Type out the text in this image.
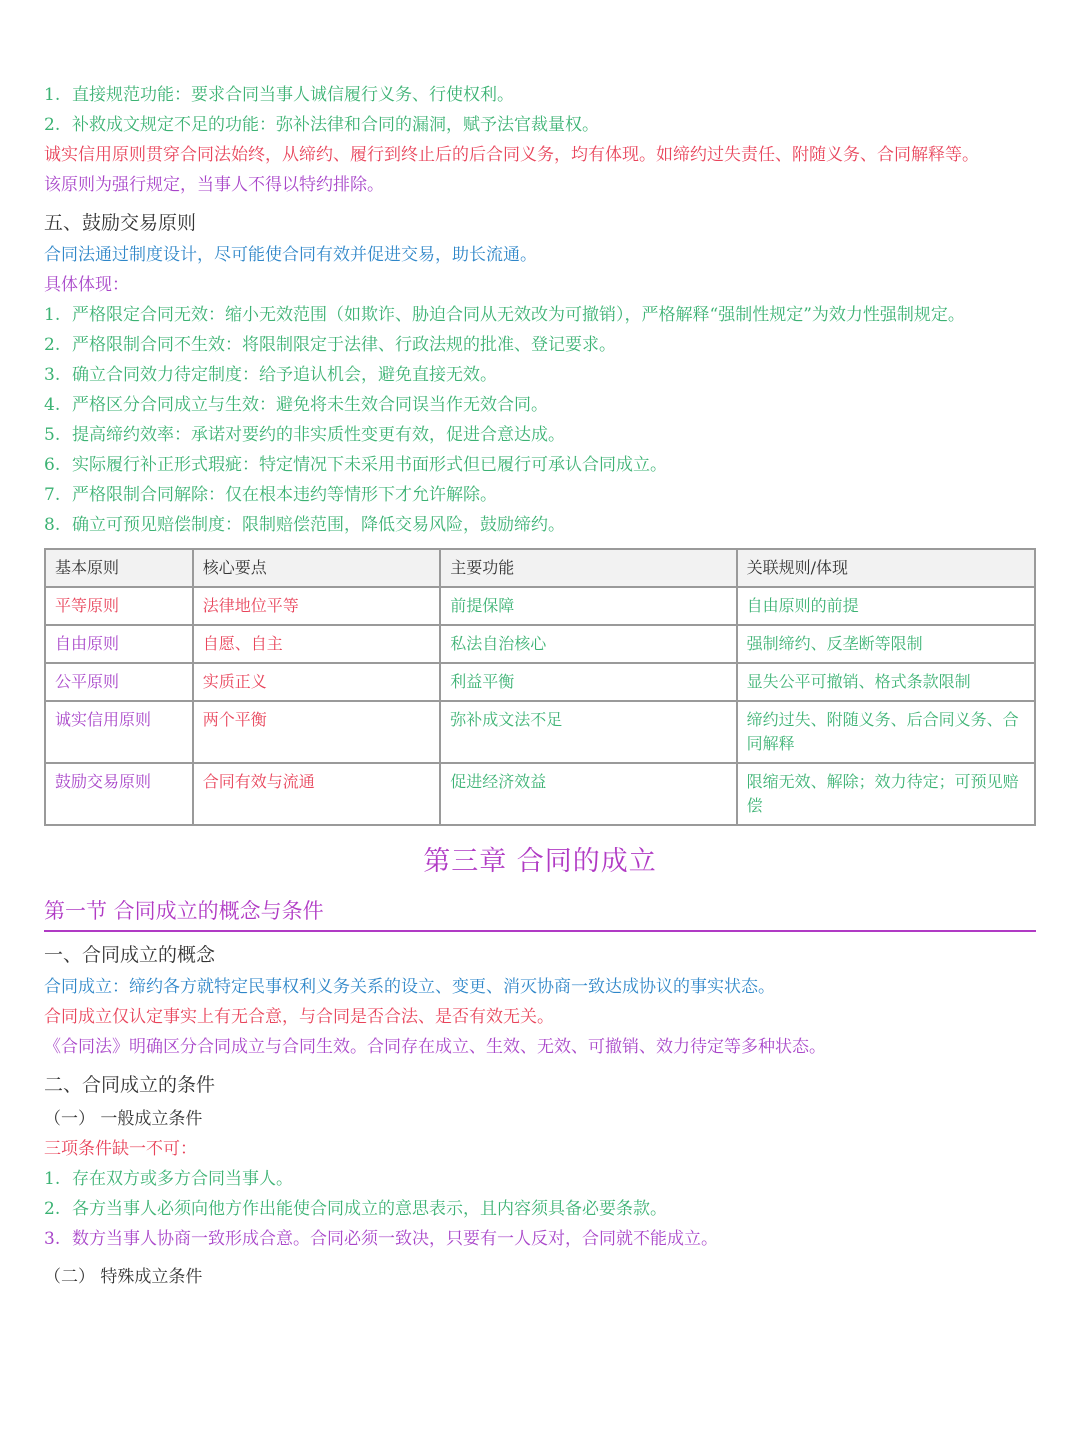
1. 直接规范功能：要求合同当事人诚信履行义务、行使权利。
2. 补救成文规定不足的功能：弥补法律和合同的漏洞，赋予法官裁量权。
诚实信用原则贯穿合同法始终，从缔约、履行到终止后的后合同义务，均有体现。如缔约过失责任、附随义务、合同解释等。
该原则为强行规定，当事人不得以特约排除。
五、鼓励交易原则
合同法通过制度设计，尽可能使合同有效并促进交易，助长流通。
具体体现：
1. 严格限定合同无效：缩小无效范围（如欺诈、胁迫合同从无效改为可撤销），严格解释“强制性规定”为效力性强制规定。
2. 严格限制合同不生效：将限制限定于法律、行政法规的批准、登记要求。
3. 确立合同效力待定制度：给予追认机会，避免直接无效。
4. 严格区分合同成立与生效：避免将未生效合同误当作无效合同。
5. 提高缔约效率：承诺对要约的非实质性变更有效，促进合意达成。
6. 实际履行补正形式瑕疵：特定情况下未采用书面形式但已履行可承认合同成立。
7. 严格限制合同解除：仅在根本违约等情形下才允许解除。
8. 确立可预见赔偿制度：限制赔偿范围，降低交易风险，鼓励缔约。
基本原则	核心要点	主要功能	关联规则/体现
平等原则	法律地位平等	前提保障	自由原则的前提
自由原则	自愿、自主	私法自治核心	强制缔约、反垄断等限制
公平原则	实质正义	利益平衡	显失公平可撤销、格式条款限制
诚实信用原则	两个平衡	弥补成文法不足	缔约过失、附随义务、后合同义务、合同解释
鼓励交易原则	合同有效与流通	促进经济效益	限缩无效、解除；效力待定；可预见赔偿
第三章 合同的成立
第一节 合同成立的概念与条件
一、合同成立的概念
合同成立：缔约各方就特定民事权利义务关系的设立、变更、消灭协商一致达成协议的事实状态。
合同成立仅认定事实上有无合意，与合同是否合法、是否有效无关。
《合同法》明确区分合同成立与合同生效。合同存在成立、生效、无效、可撤销、效力待定等多种状态。
二、合同成立的条件
（一） 一般成立条件
三项条件缺一不可：
1. 存在双方或多方合同当事人。
2. 各方当事人必须向他方作出能使合同成立的意思表示，且内容须具备必要条款。
3. 数方当事人协商一致形成合意。合同必须一致决，只要有一人反对，合同就不能成立。
（二） 特殊成立条件
